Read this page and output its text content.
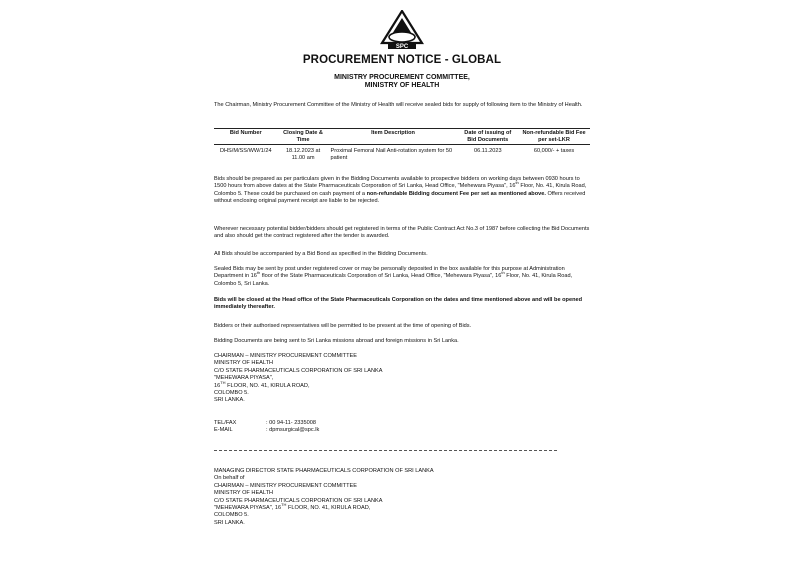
SPC
PROCUREMENT NOTICE - GLOBAL
MINISTRY PROCUREMENT COMMITTEE,
MINISTRY OF HEALTH
The Chairman, Ministry Procurement Committee of the Ministry of Health will receive sealed bids for supply of following item to the Ministry of Health.
Bid Number	Closing Date & Time	Item Description	Date of issuing of Bid Documents	Non-refundable Bid Fee per set-LKR
DHS/M/SS/WW/1/24	18.12.2023 at 11.00 am	Proximal Femoral Nail Anti-rotation system for 50 patient	06.11.2023	60,000/- + taxes
Bids should be prepared as per particulars given in the Bidding Documents available to prospective bidders on working days between 0930 hours to 1500 hours from above dates at the State Pharmaceuticals Corporation of Sri Lanka, Head Office, "Mehewara Piyasa", 16th Floor, No. 41, Kirula Road, Colombo 5. These could be purchased on cash payment of a non-refundable Bidding document Fee per set as mentioned above. Offers received without enclosing original payment receipt are liable to be rejected.
Wherever necessary potential bidder/bidders should get registered in terms of the Public Contract Act No.3 of 1987 before collecting the Bid Documents and also should get the contract registered after the tender is awarded.
All Bids should be accompanied by a Bid Bond as specified in the Bidding Documents.
Sealed Bids may be sent by post under registered cover or may be personally deposited in the box available for this purpose at Administration Department in 16th floor of the State Pharmaceuticals Corporation of Sri Lanka, Head Office, "Mehewara Piyasa", 16th Floor, No. 41, Kirula Road, Colombo 5, Sri Lanka.
Bids will be closed at the Head office of the State Pharmaceuticals Corporation on the dates and time mentioned above and will be opened immediately thereafter.
Bidders or their authorised representatives will be permitted to be present at the time of opening of Bids.
Bidding Documents are being sent to Sri Lanka missions abroad and foreign missions in Sri Lanka.
CHAIRMAN – MINISTRY PROCUREMENT COMMITTEE
MINISTRY OF HEALTH
C/O STATE PHARMACEUTICALS CORPORATION OF SRI LANKA
"MEHEWARA PIYASA",
16TH FLOOR, NO. 41, KIRULA ROAD,
COLOMBO 5.
SRI LANKA.
TEL/FAX	: 00 94-11- 2335008
E-MAIL	: dpmsurgical@spc.lk
MANAGING DIRECTOR STATE PHARMACEUTICALS CORPORATION OF SRI LANKA
On behalf of
CHAIRMAN – MINISTRY PROCUREMENT COMMITTEE
MINISTRY OF HEALTH
C/O STATE PHARMACEUTICALS CORPORATION OF SRI LANKA
"MEHEWARA PIYASA", 16TH FLOOR, NO. 41, KIRULA ROAD,
COLOMBO 5.
SRI LANKA.
